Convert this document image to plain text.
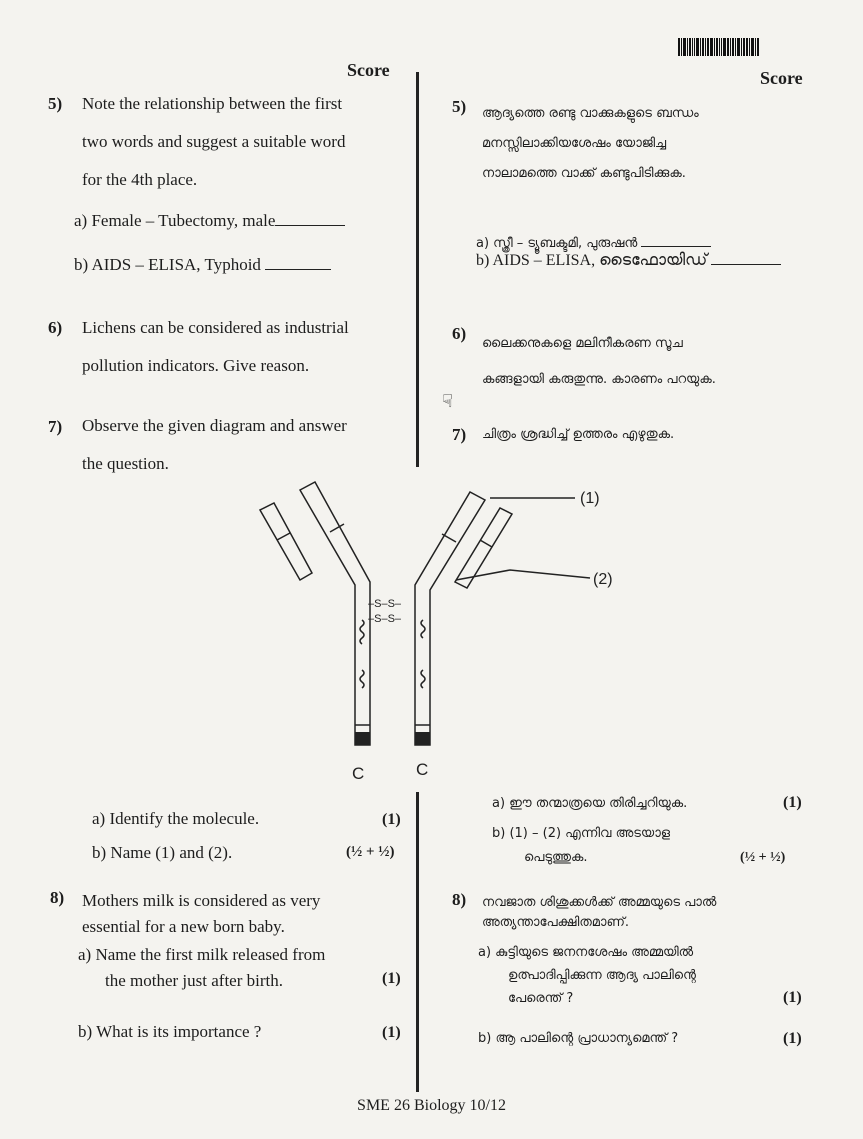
Score	Score
5) Note the relationship between the first
two words and suggest a suitable word
for the 4th place.
a) Female – Tubectomy, male
b) AIDS – ELISA, Typhoid
5) ആദ്യത്തെ രണ്ടു വാക്കുകളുടെ ബന്ധം
മനസ്സിലാക്കിയശേഷം യോജിച്ച
നാലാമത്തെ വാക്ക് കണ്ടുപിടിക്കുക.
a) സ്ത്രീ – ട്യൂബക്ടമി, പുരുഷൻ
b) AIDS – ELISA, ടൈഫോയിഡ്
6) Lichens can be considered as industrial
pollution indicators. Give reason.
6)
ലൈക്കനുകളെ മലിനീകരണ സൂച
കങ്ങളായി കരുതുന്നു. കാരണം പറയുക.
☟
7) Observe the given diagram and answer
the question.
7) ചിത്രം ശ്രദ്ധിച്ച് ഉത്തരം എഴുതുക.
(1)
(2)
–S–S–
–S–S–
C	C
a) Identify the molecule.	(1)
b) Name (1) and (2).	(½ + ½)
a) ഈ തന്മാത്രയെ തിരിച്ചറിയുക.	(1)
b) (1) – (2) എന്നിവ അടയാള
പെടുത്തുക.	(½ + ½)
8) Mothers milk is considered as very
essential for a new born baby.
a) Name the first milk released from
the mother just after birth.	(1)
b) What is its importance ?	(1)
8) നവജാത ശിശുക്കൾക്ക് അമ്മയുടെ പാൽ
അത്യന്താപേക്ഷിതമാണ്.
a) കുട്ടിയുടെ ജനനശേഷം അമ്മയിൽ
ഉത്പാദിപ്പിക്കുന്ന ആദ്യ പാലിന്റെ
പേരെന്ത് ?	(1)
b) ആ പാലിന്റെ പ്രാധാന്യമെന്ത് ?	(1)
SME 26 Biology 10/12
